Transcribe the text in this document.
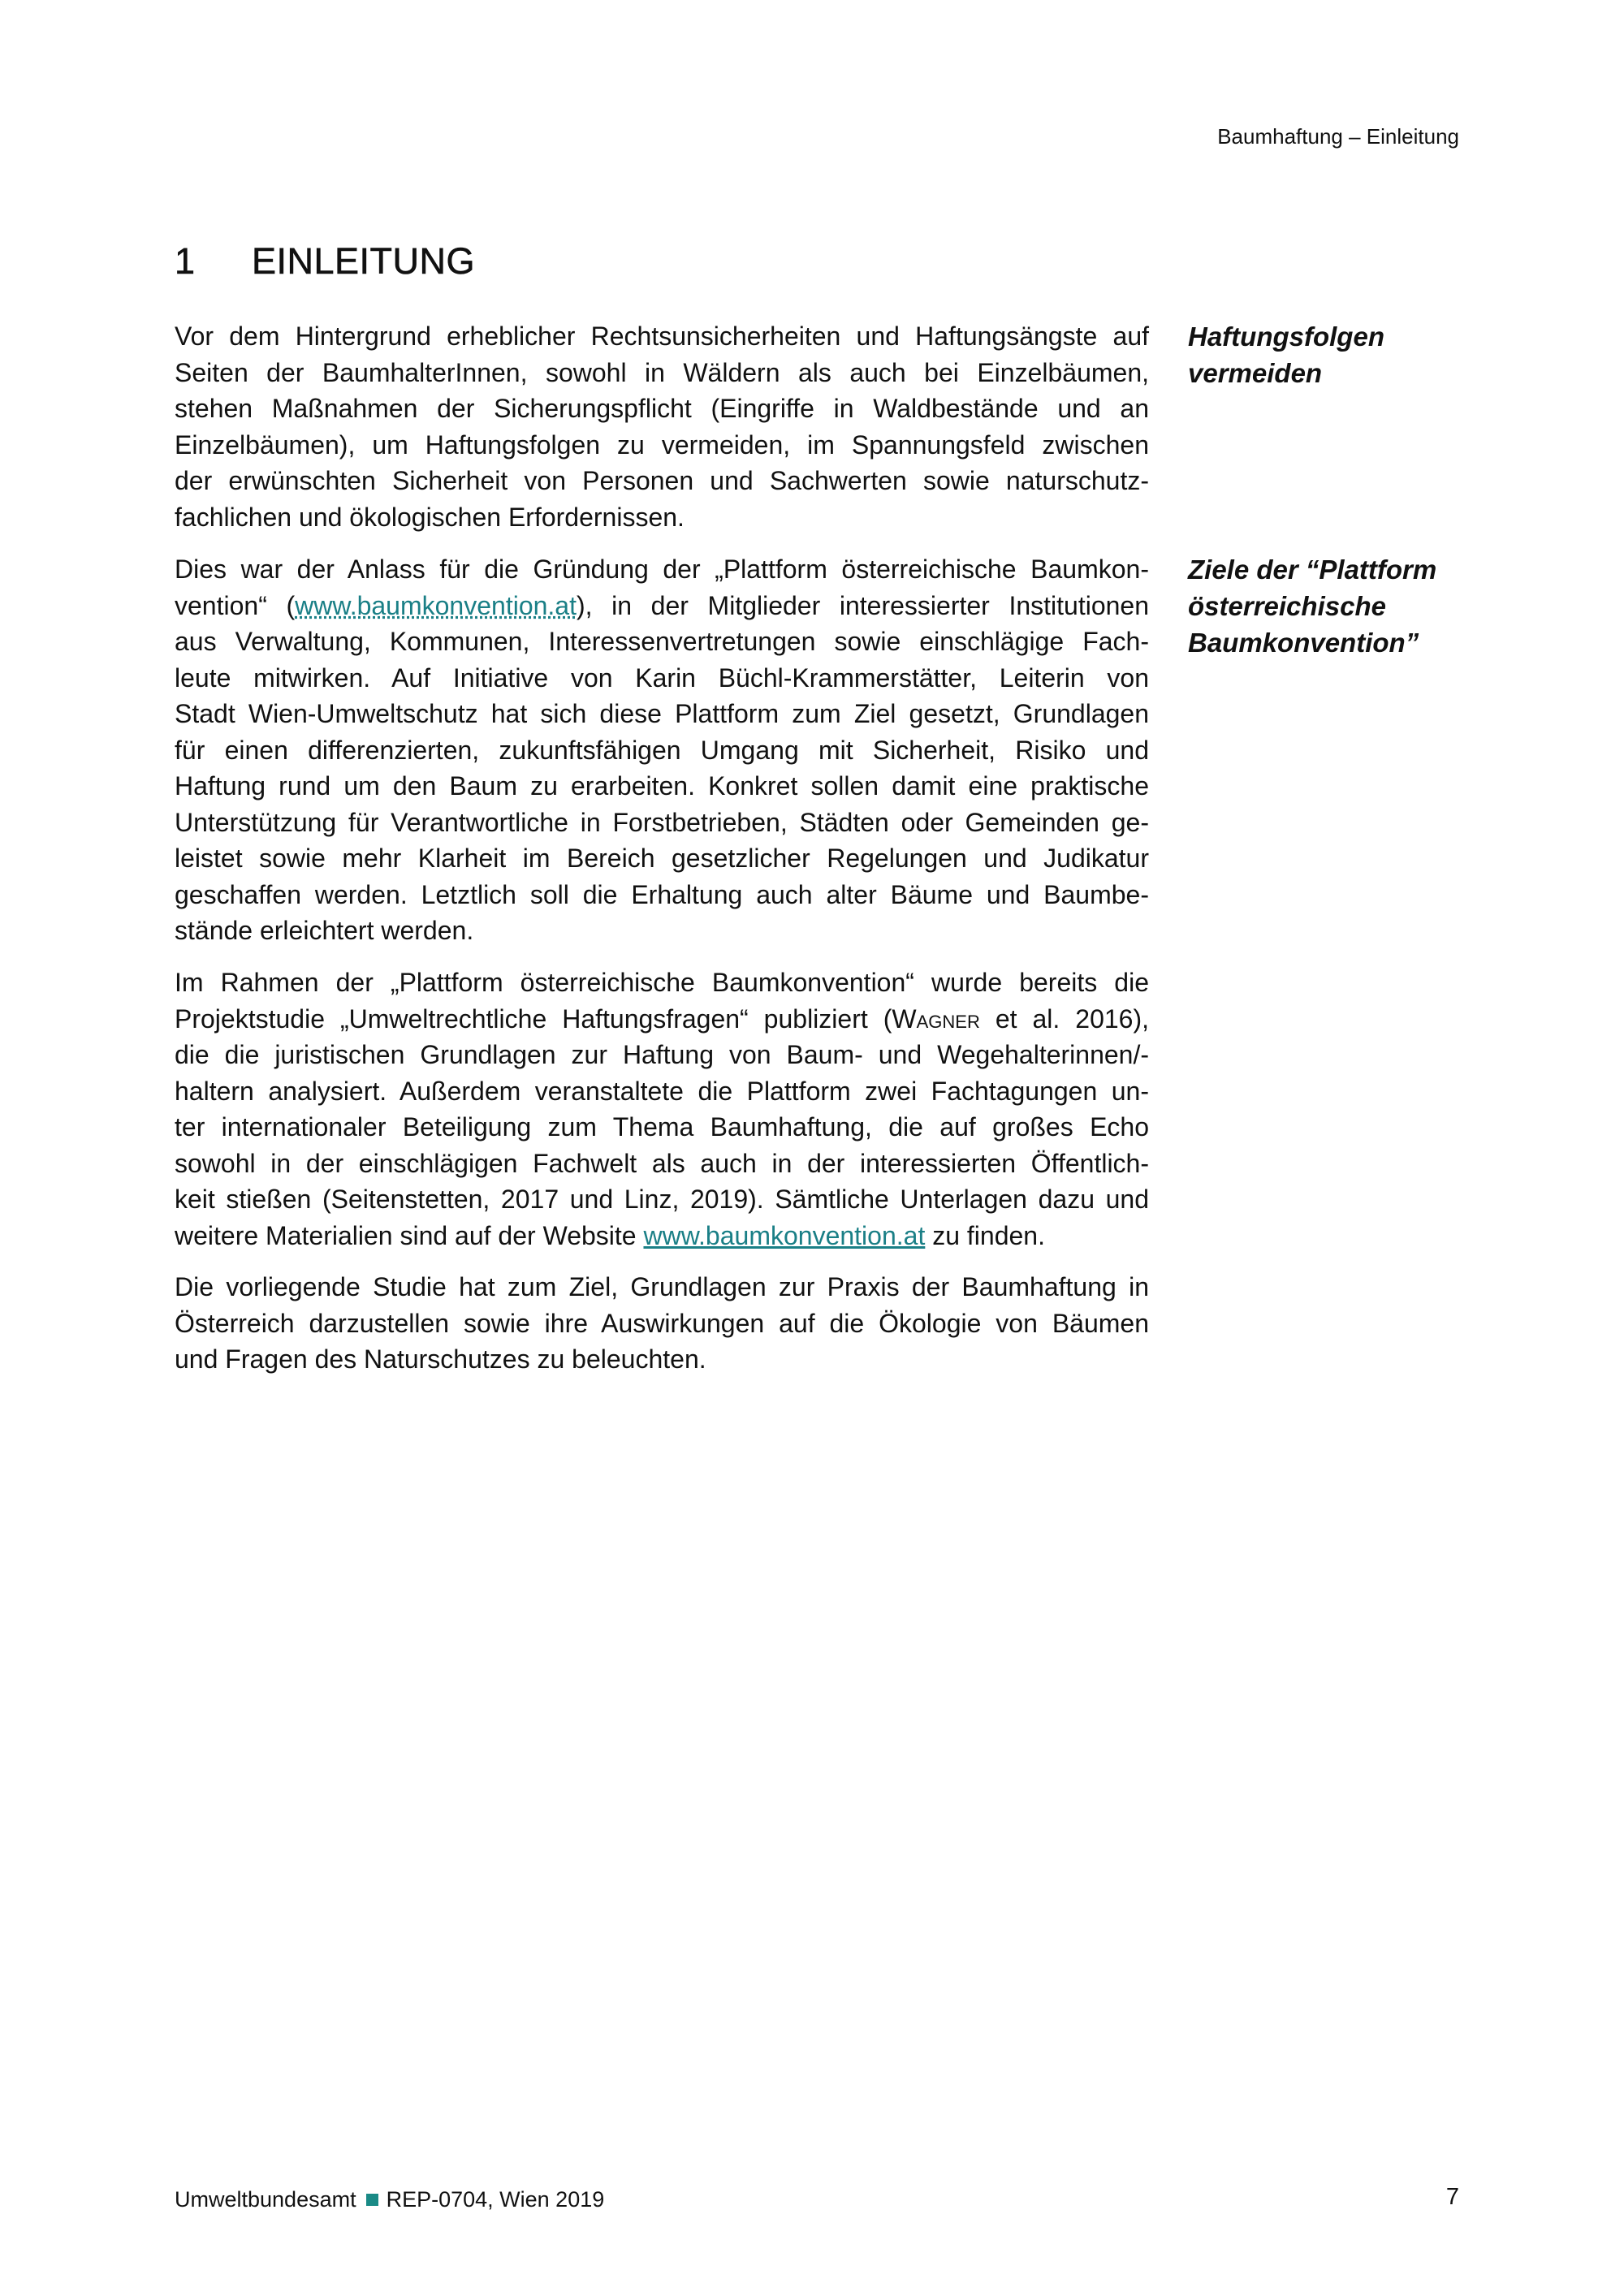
Baumhaftung – Einleitung
1	EINLEITUNG
Vor dem Hintergrund erheblicher Rechtsunsicherheiten und Haftungsängste auf
Seiten der BaumhalterInnen, sowohl in Wäldern als auch bei Einzelbäumen,
stehen Maßnahmen der Sicherungspflicht (Eingriffe in Waldbestände und an
Einzelbäumen), um Haftungsfolgen zu vermeiden, im Spannungsfeld zwischen
der erwünschten Sicherheit von Personen und Sachwerten sowie naturschutz-
fachlichen und ökologischen Erfordernissen.
Haftungsfolgen
vermeiden
Dies war der Anlass für die Gründung der „Plattform österreichische Baumkon-
vention“ (www.baumkonvention.at), in der Mitglieder interessierter Institutionen
aus Verwaltung, Kommunen, Interessenvertretungen sowie einschlägige Fach-
leute mitwirken. Auf Initiative von Karin Büchl-Krammerstätter, Leiterin von
Stadt Wien-Umweltschutz hat sich diese Plattform zum Ziel gesetzt, Grundlagen
für einen differenzierten, zukunftsfähigen Umgang mit Sicherheit, Risiko und
Haftung rund um den Baum zu erarbeiten. Konkret sollen damit eine praktische
Unterstützung für Verantwortliche in Forstbetrieben, Städten oder Gemeinden ge-
leistet sowie mehr Klarheit im Bereich gesetzlicher Regelungen und Judikatur
geschaffen werden. Letztlich soll die Erhaltung auch alter Bäume und Baumbe-
stände erleichtert werden.
Ziele der “Plattform
österreichische
Baumkonvention”
Im Rahmen der „Plattform österreichische Baumkonvention“ wurde bereits die
Projektstudie „Umweltrechtliche Haftungsfragen“ publiziert (Wagner et al. 2016),
die die juristischen Grundlagen zur Haftung von Baum- und Wegehalterinnen/-
haltern analysiert. Außerdem veranstaltete die Plattform zwei Fachtagungen un-
ter internationaler Beteiligung zum Thema Baumhaftung, die auf großes Echo
sowohl in der einschlägigen Fachwelt als auch in der interessierten Öffentlich-
keit stießen (Seitenstetten, 2017 und Linz, 2019). Sämtliche Unterlagen dazu und
weitere Materialien sind auf der Website www.baumkonvention.at zu finden.
Die vorliegende Studie hat zum Ziel, Grundlagen zur Praxis der Baumhaftung in
Österreich darzustellen sowie ihre Auswirkungen auf die Ökologie von Bäumen
und Fragen des Naturschutzes zu beleuchten.
Umweltbundesamt REP-0704, Wien 2019	7
